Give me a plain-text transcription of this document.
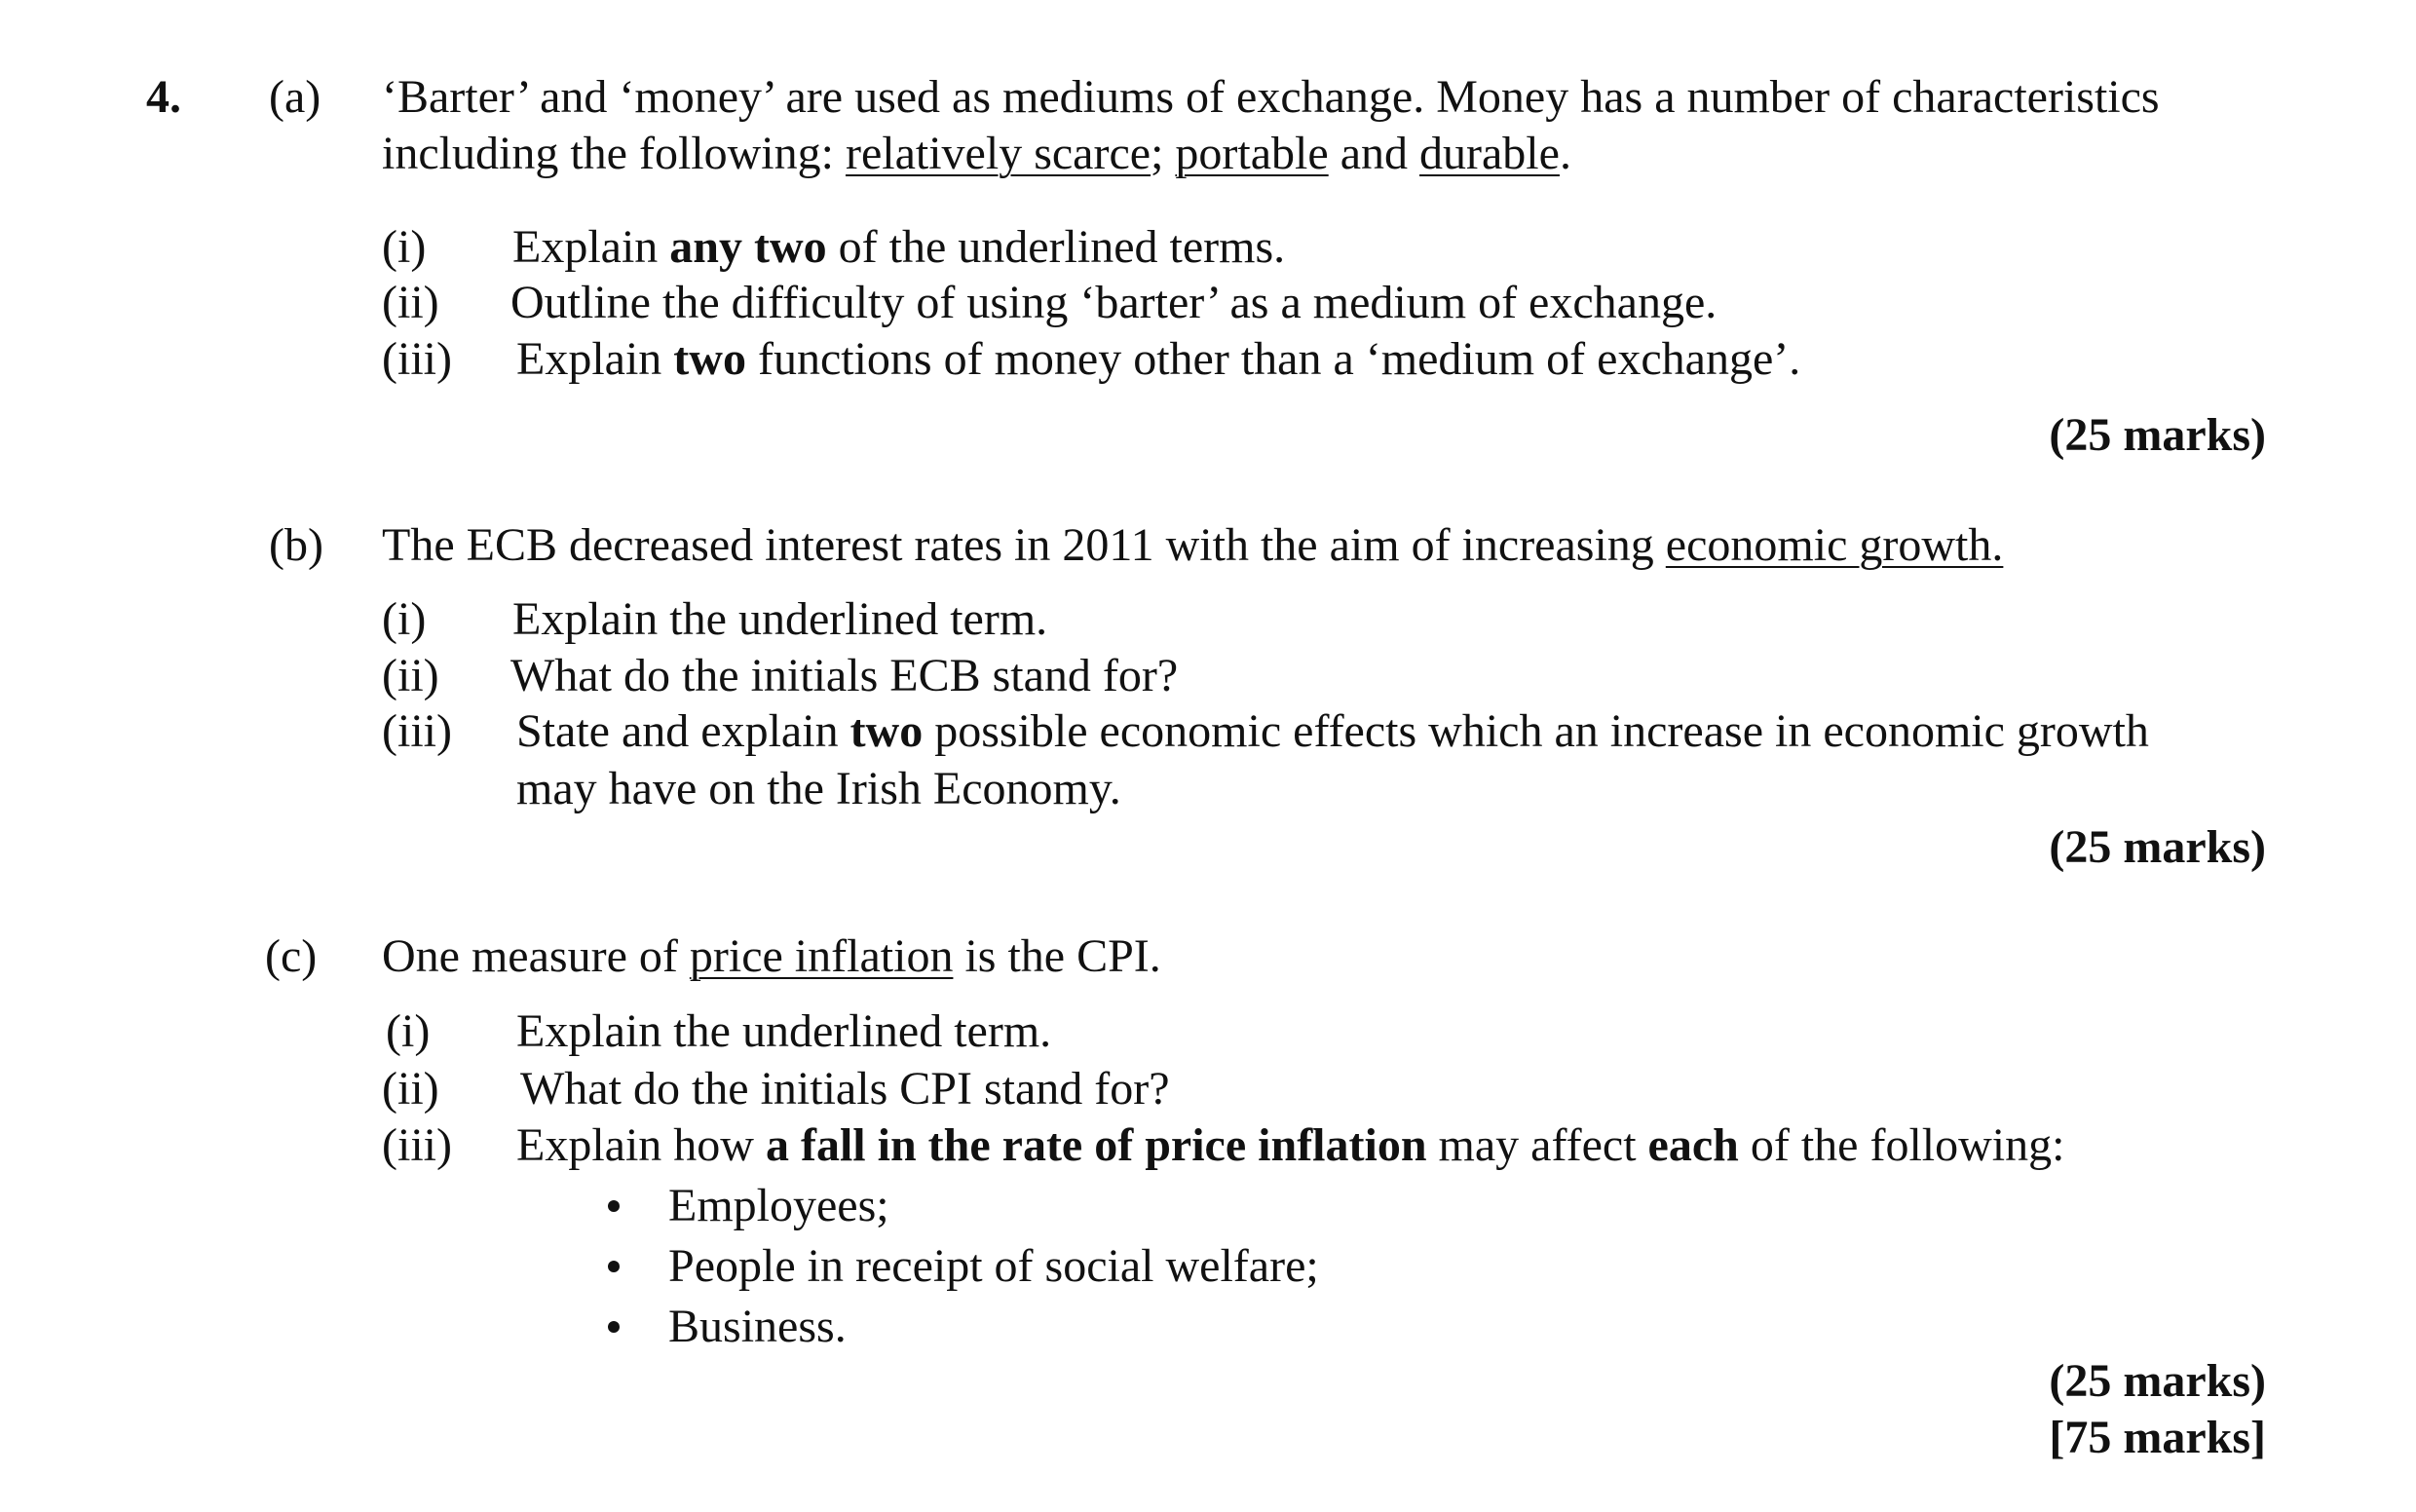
4. (a) ‘Barter’ and ‘money’ are used as mediums of exchange. Money has a number of characteristics
including the following: relatively scarce; portable and durable.
(i) Explain any two of the underlined terms.
(ii) Outline the difficulty of using ‘barter’ as a medium of exchange.
(iii) Explain two functions of money other than a ‘medium of exchange’.
(25 marks)
(b) The ECB decreased interest rates in 2011 with the aim of increasing economic growth.
(i) Explain the underlined term.
(ii) What do the initials ECB stand for?
(iii) State and explain two possible economic effects which an increase in economic growth
may have on the Irish Economy.
(25 marks)
(c) One measure of price inflation is the CPI.
(i) Explain the underlined term.
(ii) What do the initials CPI stand for?
(iii) Explain how a fall in the rate of price inflation may affect each of the following:
Employees;
People in receipt of social welfare;
Business.
(25 marks)
[75 marks]
